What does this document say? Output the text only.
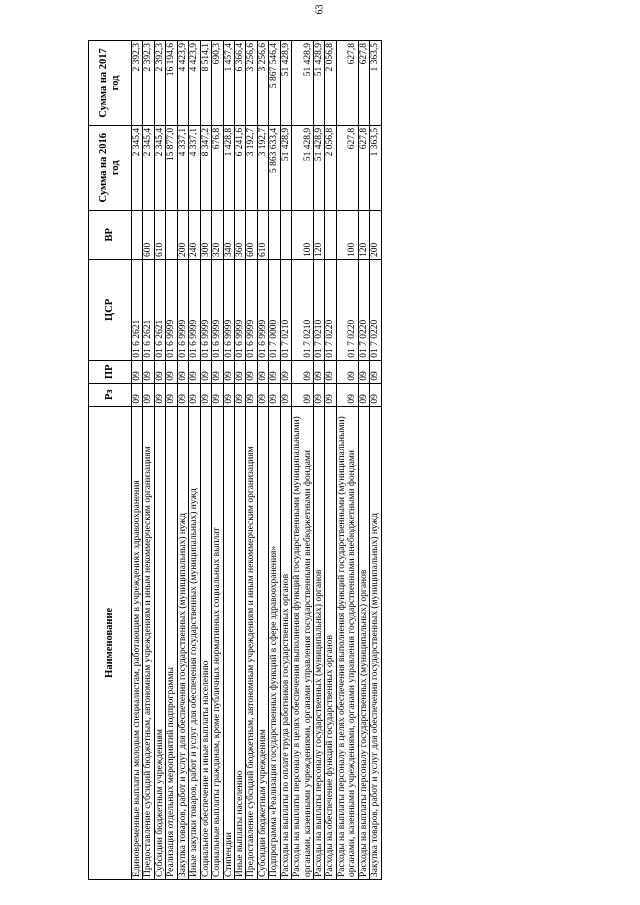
63
Наименование	Рз	ПР	ЦСР	ВР	Сумма на 2016 год	Сумма на 2017 год
Единовременные выплаты молодым специалистам, работающим в учреждениях здравоохранения	09	09	01 6 2621		2 345,4	2 392,3
Предоставление субсидий бюджетным, автономным учреждениям и иным некоммерческим организациям	09	09	01 6 2621	600	2 345,4	2 392,3
Субсидии бюджетным учреждениям	09	09	01 6 2621	610	2 345,4	2 392,3
Реализация отдельных мероприятий подпрограммы	09	09	01 6 9999		15 877,0	16 194,6
Закупка товаров, работ и услуг для обеспечения государственных (муниципальных) нужд	09	09	01 6 9999	200	4 337,1	4 423,9
Иные закупки товаров, работ и услуг для обеспечения государственных (муниципальных) нужд	09	09	01 6 9999	240	4 337,1	4 423,9
Социальное обеспечение и иные выплаты населению	09	09	01 6 9999	300	8 347,2	8 514,1
Социальные выплаты гражданам, кроме публичных нормативных социальных выплат	09	09	01 6 9999	320	676,8	690,3
Стипендии	09	09	01 6 9999	340	1 428,8	1 457,4
Иные выплаты населению	09	09	01 6 9999	360	6 241,6	6 366,4
Предоставление субсидий бюджетным, автономным учреждениям и иным некоммерческим организациям	09	09	01 6 9999	600	3 192,7	3 256,6
Субсидии бюджетным учреждениям	09	09	01 6 9999	610	3 192,7	3 256,6
Подпрограмма «Реализация государственных функций в сфере здравоохранения»	09	09	01 7 0000		5 863 633,4	5 867 546,4
Расходы на выплаты по оплате труда работников государственных органов	09	09	01 7 0210		51 428,9	51 428,9
Расходы на выплаты персоналу в целях обеспечения выполнения функций государственными (муниципальными) органами, казенными учреждениями, органами управления государственными внебюджетными фондами	09	09	01 7 0210	100	51 428,9	51 428,9
Расходы на выплаты персоналу государственных (муниципальных) органов	09	09	01 7 0210	120	51 428,9	51 428,9
Расходы на обеспечение функций государственных органов	09	09	01 7 0220		2 056,8	2 056,8
Расходы на выплаты персоналу в целях обеспечения выполнения функций государственными (муниципальными) органами, казенными учреждениями, органами управления государственными внебюджетными фондами	09	09	01 7 0220	100	627,8	627,8
Расходы на выплаты персоналу государственных (муниципальных) органов	09	09	01 7 0220	120	627,8	627,8
Закупка товаров, работ и услуг для обеспечения государственных (муниципальных) нужд	09	09	01 7 0220	200	1 363,5	1 363,5
